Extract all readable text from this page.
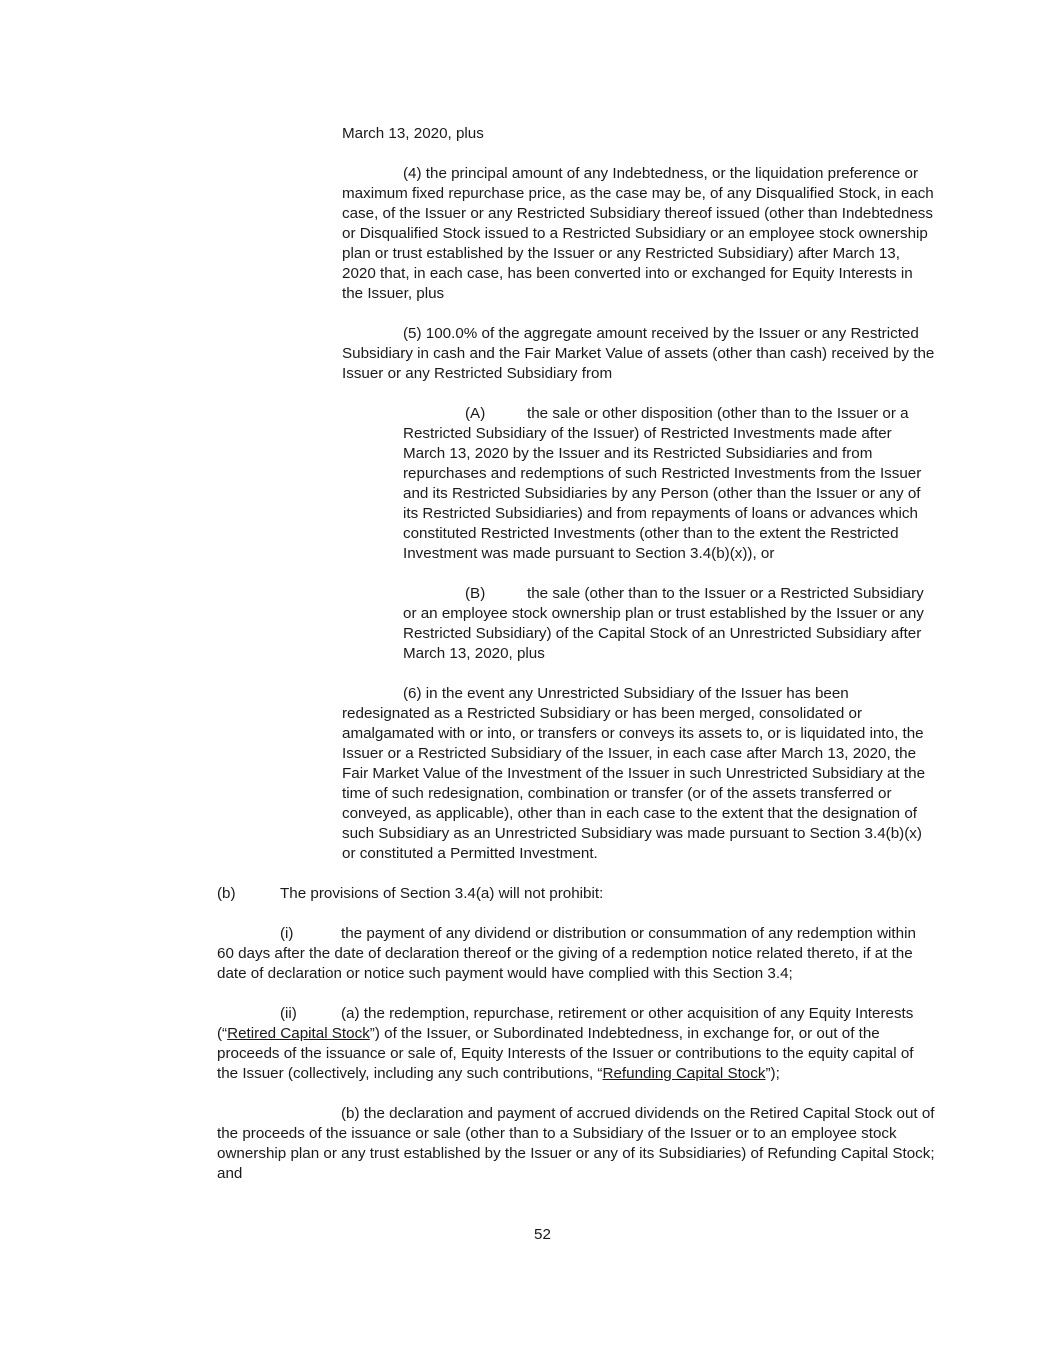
March 13, 2020, plus

(4) the principal amount of any Indebtedness, or the liquidation preference or maximum fixed repurchase price, as the case may be, of any Disqualified Stock, in each case, of the Issuer or any Restricted Subsidiary thereof issued (other than Indebtedness or Disqualified Stock issued to a Restricted Subsidiary or an employee stock ownership plan or trust established by the Issuer or any Restricted Subsidiary) after March 13, 2020 that, in each case, has been converted into or exchanged for Equity Interests in the Issuer, plus

(5) 100.0% of the aggregate amount received by the Issuer or any Restricted Subsidiary in cash and the Fair Market Value of assets (other than cash) received by the Issuer or any Restricted Subsidiary from

(A)	the sale or other disposition (other than to the Issuer or a Restricted Subsidiary of the Issuer) of Restricted Investments made after March 13, 2020 by the Issuer and its Restricted Subsidiaries and from repurchases and redemptions of such Restricted Investments from the Issuer and its Restricted Subsidiaries by any Person (other than the Issuer or any of its Restricted Subsidiaries) and from repayments of loans or advances which constituted Restricted Investments (other than to the extent the Restricted Investment was made pursuant to Section 3.4(b)(x)), or

(B)	the sale (other than to the Issuer or a Restricted Subsidiary or an employee stock ownership plan or trust established by the Issuer or any Restricted Subsidiary) of the Capital Stock of an Unrestricted Subsidiary after March 13, 2020, plus

(6) in the event any Unrestricted Subsidiary of the Issuer has been redesignated as a Restricted Subsidiary or has been merged, consolidated or amalgamated with or into, or transfers or conveys its assets to, or is liquidated into, the Issuer or a Restricted Subsidiary of the Issuer, in each case after March 13, 2020, the Fair Market Value of the Investment of the Issuer in such Unrestricted Subsidiary at the time of such redesignation, combination or transfer (or of the assets transferred or conveyed, as applicable), other than in each case to the extent that the designation of such Subsidiary as an Unrestricted Subsidiary was made pursuant to Section 3.4(b)(x) or constituted a Permitted Investment.

(b)	The provisions of Section 3.4(a) will not prohibit:

(i)	the payment of any dividend or distribution or consummation of any redemption within 60 days after the date of declaration thereof or the giving of a redemption notice related thereto, if at the date of declaration or notice such payment would have complied with this Section 3.4;

(ii)	(a) the redemption, repurchase, retirement or other acquisition of any Equity Interests (“Retired Capital Stock”) of the Issuer, or Subordinated Indebtedness, in exchange for, or out of the proceeds of the issuance or sale of, Equity Interests of the Issuer or contributions to the equity capital of the Issuer (collectively, including any such contributions, “Refunding Capital Stock”);

(b) the declaration and payment of accrued dividends on the Retired Capital Stock out of the proceeds of the issuance or sale (other than to a Subsidiary of the Issuer or to an employee stock ownership plan or any trust established by the Issuer or any of its Subsidiaries) of Refunding Capital Stock; and

52
